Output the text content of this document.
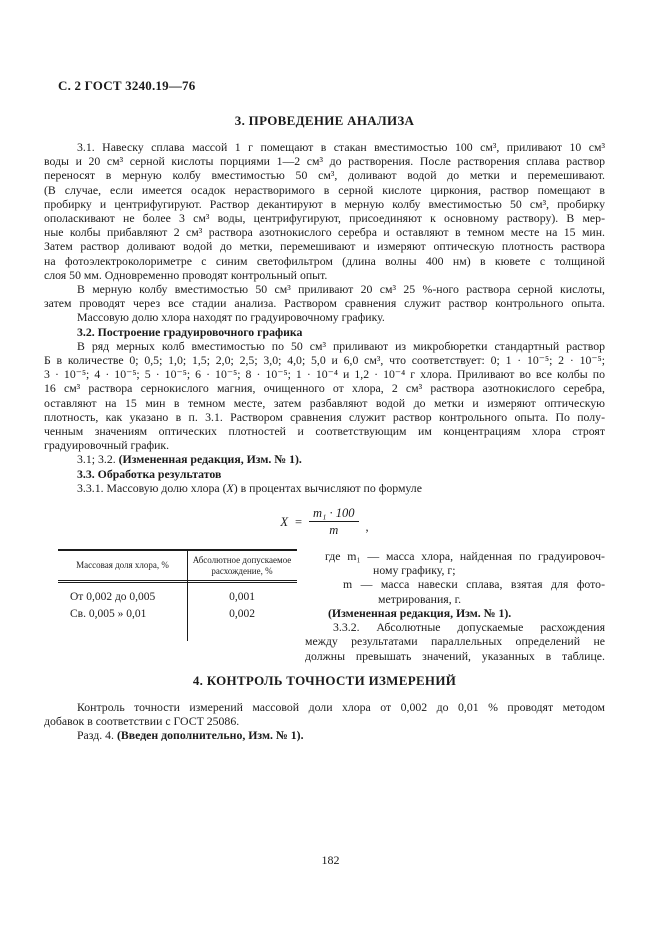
С. 2 ГОСТ 3240.19—76
3. ПРОВЕДЕНИЕ АНАЛИЗА
3.1. Навеску сплава массой 1 г помещают в стакан вместимостью 100 см³, приливают 10 см³
воды и 20 см³ серной кислоты порциями 1—2 см³ до растворения. После растворения сплава раствор
переносят в мерную колбу вместимостью 50 см³, доливают водой до метки и перемешивают.
(В случае, если имеется осадок нерастворимого в серной кислоте циркония, раствор помещают в
пробирку и центрифугируют. Раствор декантируют в мерную колбу вместимостью 50 см³, пробирку
ополаскивают не более 3 см³ воды, центрифугируют, присоединяют к основному раствору). В мер-
ные колбы прибавляют 2 см³ раствора азотнокислого серебра и оставляют в темном месте на 15 мин.
Затем раствор доливают водой до метки, перемешивают и измеряют оптическую плотность раствора
на фотоэлектроколориметре с синим светофильтром (длина волны 400 нм) в кювете с толщиной
слоя 50 мм. Одновременно проводят контрольный опыт.
В мерную колбу вместимостью 50 см³ приливают 20 см³ 25 %-ного раствора серной кислоты,
затем проводят через все стадии анализа. Раствором сравнения служит раствор контрольного опыта.
Массовую долю хлора находят по градуировочному графику.
3.2. Построение градуировочного графика
В ряд мерных колб вместимостью по 50 см³ приливают из микробюретки стандартный раствор
Б в количестве 0; 0,5; 1,0; 1,5; 2,0; 2,5; 3,0; 4,0; 5,0 и 6,0 см³, что соответствует: 0; 1 · 10⁻⁵; 2 · 10⁻⁵;
3 · 10⁻⁵; 4 · 10⁻⁵; 5 · 10⁻⁵; 6 · 10⁻⁵; 8 · 10⁻⁵; 1 · 10⁻⁴ и 1,2 · 10⁻⁴ г хлора. Приливают во все колбы по
16 см³ раствора сернокислого магния, очищенного от хлора, 2 см³ раствора азотнокислого серебра,
оставляют на 15 мин в темном месте, затем разбавляют водой до метки и измеряют оптическую
плотность, как указано в п. 3.1. Раствором сравнения служит раствор контрольного опыта. По полу-
ченным значениям оптических плотностей и соответствующим им концентрациям хлора строят
градуировочный график.
3.1; 3.2. (Измененная редакция, Изм. № 1).
3.3. Обработка результатов
3.3.1. Массовую долю хлора (X) в процентах вычисляют по формуле
$X = \frac{\text{m₁ · 100}}{m}$ ,
Массовая доля хлора, %
Абсолютное допускаемое расхождение, %
От 0,002 до 0,005	0,001
Св. 0,005 » 0,01	0,002
где m₁ — масса хлора, найденная по градуировоч-
ному графику, г;
m — масса навески сплава, взятая для фото-
метрирования, г.
(Измененная редакция, Изм. № 1).
3.3.2. Абсолютные допускаемые расхождения
между результатами параллельных определений не
должны превышать значений, указанных в таблице.
4. КОНТРОЛЬ ТОЧНОСТИ ИЗМЕРЕНИЙ
Контроль точности измерений массовой доли хлора от 0,002 до 0,01 % проводят методом
добавок в соответствии с ГОСТ 25086.
Разд. 4. (Введен дополнительно, Изм. № 1).
182
